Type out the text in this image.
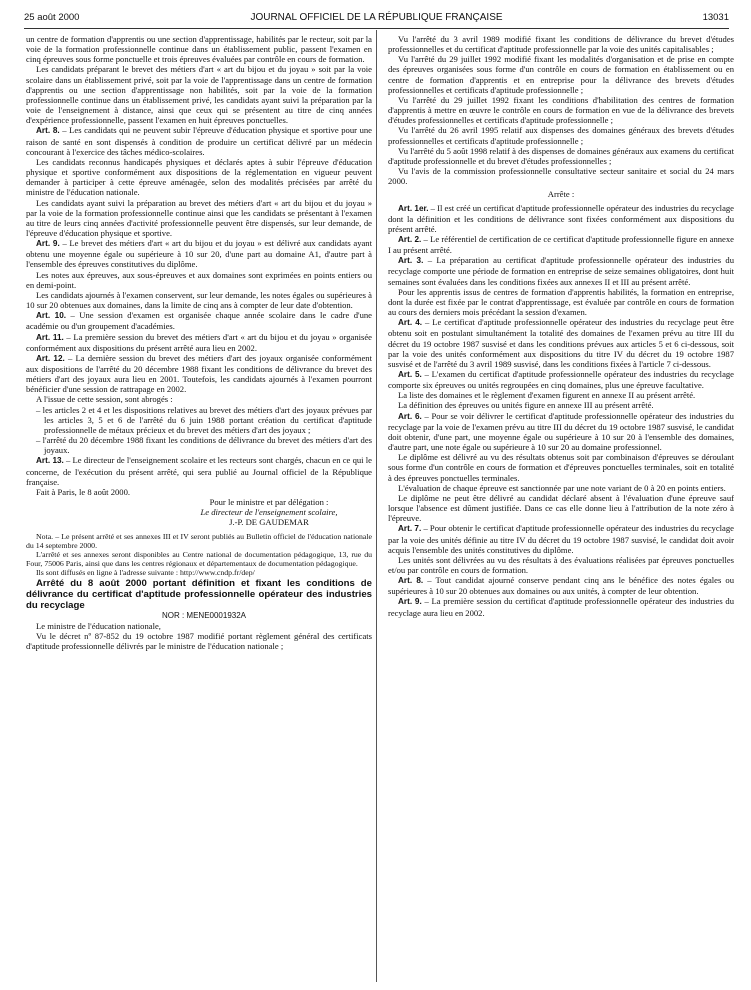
25 août 2000	JOURNAL OFFICIEL DE LA RÉPUBLIQUE FRANÇAISE	13031

un centre de formation d'apprentis ou une section d'apprentissage, habilités par le recteur, soit par la voie de la formation professionnelle continue dans un établissement public, passent l'examen en cinq épreuves sous forme ponctuelle et trois épreuves évaluées par contrôle en cours de formation.

Les candidats préparant le brevet des métiers d'art « art du bijou et du joyau » soit par la voie scolaire dans un établissement privé, soit par la voie de l'apprentissage dans un centre de formation d'apprentis ou une section d'apprentissage non habilités, soit par la voie de la formation professionnelle continue dans un établissement privé, les candidats ayant suivi la préparation par la voie de l'enseignement à distance, ainsi que ceux qui se présentent au titre de cinq années d'expérience professionnelle, passent l'examen en huit épreuves ponctuelles.

Art. 8. – Les candidats qui ne peuvent subir l'épreuve d'éducation physique et sportive pour une raison de santé en sont dispensés à condition de produire un certificat délivré par un médecin concourant à l'exercice des tâches médico-scolaires.

Les candidats reconnus handicapés physiques et déclarés aptes à subir l'épreuve d'éducation physique et sportive conformément aux dispositions de la réglementation en vigueur peuvent demander à participer à cette épreuve aménagée, selon des modalités précisées par arrêté du ministre de l'éducation nationale.

Les candidats ayant suivi la préparation au brevet des métiers d'art « art du bijou et du joyau » par la voie de la formation professionnelle continue ainsi que les candidats se présentant à l'examen au titre de leurs cinq années d'activité professionnelle peuvent être dispensés, sur leur demande, de l'épreuve d'éducation physique et sportive.

Art. 9. – Le brevet des métiers d'art « art du bijou et du joyau » est délivré aux candidats ayant obtenu une moyenne égale ou supérieure à 10 sur 20, d'une part au domaine A1, d'autre part à l'ensemble des épreuves constitutives du diplôme.

Les notes aux épreuves, aux sous-épreuves et aux domaines sont exprimées en points entiers ou en demi-point.

Les candidats ajournés à l'examen conservent, sur leur demande, les notes égales ou supérieures à 10 sur 20 obtenues aux domaines, dans la limite de cinq ans à compter de leur date d'obtention.

Art. 10. – Une session d'examen est organisée chaque année scolaire dans le cadre d'une académie ou d'un groupement d'académies.

Art. 11. – La première session du brevet des métiers d'art « art du bijou et du joyau » organisée conformément aux dispositions du présent arrêté aura lieu en 2002.

Art. 12. – La dernière session du brevet des métiers d'art des joyaux organisée conformément aux dispositions de l'arrêté du 20 décembre 1988 fixant les conditions de délivrance du brevet des métiers d'art des joyaux aura lieu en 2001. Toutefois, les candidats ajournés à l'examen pourront bénéficier d'une session de rattrapage en 2002.

A l'issue de cette session, sont abrogés :

– les articles 2 et 4 et les dispositions relatives au brevet des métiers d'art des joyaux prévues par les articles 3, 5 et 6 de l'arrêté du 6 juin 1988 portant création du certificat d'aptitude professionnelle de métaux précieux et du brevet des métiers d'art des joyaux ;
– l'arrêté du 20 décembre 1988 fixant les conditions de délivrance du brevet des métiers d'art des joyaux.

Art. 13. – Le directeur de l'enseignement scolaire et les recteurs sont chargés, chacun en ce qui le concerne, de l'exécution du présent arrêté, qui sera publié au Journal officiel de la République française.

Fait à Paris, le 8 août 2000.

Pour le ministre et par délégation :

Le directeur de l'enseignement scolaire,

J.-P. DE GAUDEMAR

Nota. – Le présent arrêté et ses annexes III et IV seront publiés au Bulletin officiel de l'éducation nationale du 14 septembre 2000.

L'arrêté et ses annexes seront disponibles au Centre national de documentation pédagogique, 13, rue du Four, 75006 Paris, ainsi que dans les centres régionaux et départementaux de documentation pédagogique.

Ils sont diffusés en ligne à l'adresse suivante : http://www.cndp.fr/dep/

Arrêté du 8 août 2000 portant définition et fixant les conditions de délivrance du certificat d'aptitude professionnelle opérateur des industries du recyclage

NOR : MENE0001932A

Le ministre de l'éducation nationale,

Vu le décret nº 87-852 du 19 octobre 1987 modifié portant règlement général des certificats d'aptitude professionnelle délivrés par le ministre de l'éducation nationale ;

Vu l'arrêté du 3 avril 1989 modifié fixant les conditions de délivrance du brevet d'études professionnelles et du certificat d'aptitude professionnelle par la voie des unités capitalisables ;

Vu l'arrêté du 29 juillet 1992 modifié fixant les modalités d'organisation et de prise en compte des épreuves organisées sous forme d'un contrôle en cours de formation en établissement ou en centre de formation d'apprentis et en entreprise pour la délivrance des brevets d'études professionnelles et certificats d'aptitude professionnelle ;

Vu l'arrêté du 29 juillet 1992 fixant les conditions d'habilitation des centres de formation d'apprentis à mettre en œuvre le contrôle en cours de formation en vue de la délivrance des brevets d'études professionnelles et certificats d'aptitude professionnelle ;

Vu l'arrêté du 26 avril 1995 relatif aux dispenses des domaines généraux des brevets d'études professionnelles et certificats d'aptitude professionnelle ;

Vu l'arrêté du 5 août 1998 relatif à des dispenses de domaines généraux aux examens du certificat d'aptitude professionnelle et du brevet d'études professionnelles ;

Vu l'avis de la commission professionnelle consultative secteur sanitaire et social du 24 mars 2000.

Arrête :

Art. 1er. – Il est créé un certificat d'aptitude professionnelle opérateur des industries du recyclage dont la définition et les conditions de délivrance sont fixées conformément aux dispositions du présent arrêté.

Art. 2. – Le référentiel de certification de ce certificat d'aptitude professionnelle figure en annexe I au présent arrêté.

Art. 3. – La préparation au certificat d'aptitude professionnelle opérateur des industries du recyclage comporte une période de formation en entreprise de seize semaines obligatoires, dont huit semaines sont évaluées dans les conditions fixées aux annexes II et III au présent arrêté.

Pour les apprentis issus de centres de formation d'apprentis habilités, la formation en entreprise, dont la durée est fixée par le contrat d'apprentissage, est évaluée par contrôle en cours de formation au cours des derniers mois précédant la session d'examen.

Art. 4. – Le certificat d'aptitude professionnelle opérateur des industries du recyclage peut être obtenu soit en postulant simultanément la totalité des domaines de l'examen prévu au titre III du décret du 19 octobre 1987 susvisé et dans les conditions prévues aux articles 5 et 6 ci-dessous, soit par la voie des unités conformément aux dispositions du titre IV du décret du 19 octobre 1987 susvisé et de l'arrêté du 3 avril 1989 susvisé, dans les conditions fixées à l'article 7 ci-dessous.

Art. 5. – L'examen du certificat d'aptitude professionnelle opérateur des industries du recyclage comporte six épreuves ou unités regroupées en cinq domaines, plus une épreuve facultative.

La liste des domaines et le règlement d'examen figurent en annexe II au présent arrêté.

La définition des épreuves ou unités figure en annexe III au présent arrêté.

Art. 6. – Pour se voir délivrer le certificat d'aptitude professionnelle opérateur des industries du recyclage par la voie de l'examen prévu au titre III du décret du 19 octobre 1987 susvisé, le candidat doit obtenir, d'une part, une moyenne égale ou supérieure à 10 sur 20 à l'ensemble des domaines, d'autre part, une note égale ou supérieure à 10 sur 20 au domaine professionnel.

Le diplôme est délivré au vu des résultats obtenus soit par combinaison d'épreuves se déroulant sous forme d'un contrôle en cours de formation et d'épreuves ponctuelles terminales, soit en totalité à des épreuves ponctuelles terminales.

L'évaluation de chaque épreuve est sanctionnée par une note variant de 0 à 20 en points entiers.

Le diplôme ne peut être délivré au candidat déclaré absent à l'évaluation d'une épreuve sauf lorsque l'absence est dûment justifiée. Dans ce cas elle donne lieu à l'attribution de la note zéro à l'épreuve.

Art. 7. – Pour obtenir le certificat d'aptitude professionnelle opérateur des industries du recyclage par la voie des unités définie au titre IV du décret du 19 octobre 1987 susvisé, le candidat doit avoir acquis l'ensemble des unités constitutives du diplôme.

Les unités sont délivrées au vu des résultats à des évaluations réalisées par épreuves ponctuelles et/ou par contrôle en cours de formation.

Art. 8. – Tout candidat ajourné conserve pendant cinq ans le bénéfice des notes égales ou supérieures à 10 sur 20 obtenues aux domaines ou aux unités, à compter de leur obtention.

Art. 9. – La première session du certificat d'aptitude professionnelle opérateur des industries du recyclage aura lieu en 2002.
